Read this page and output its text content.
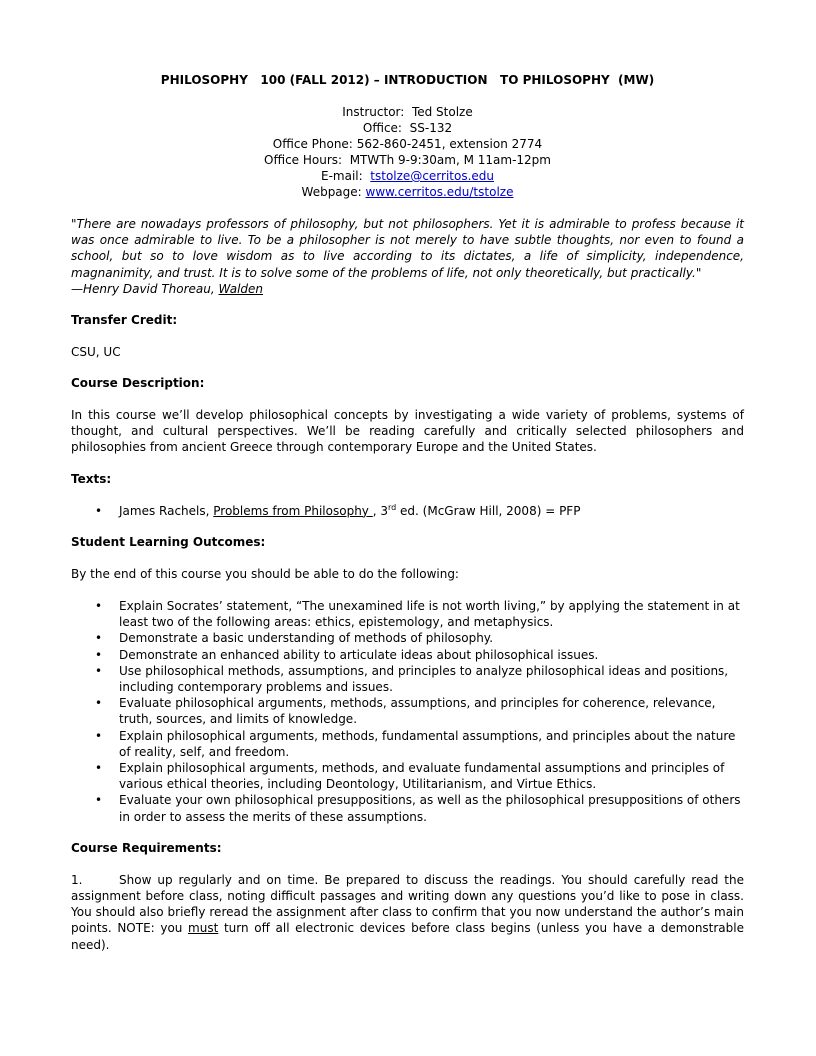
PHILOSOPHY   100 (FALL 2012) – INTRODUCTION   TO PHILOSOPHY  (MW)
Instructor: Ted Stolze
Office: SS-132
Office Phone: 562-860-2451, extension 2774
Office Hours: MTWTh 9-9:30am, M 11am-12pm
E-mail: tstolze@cerritos.edu
Webpage: www.cerritos.edu/tstolze
"There are nowadays professors of philosophy, but not philosophers. Yet it is admirable to profess because it was once admirable to live. To be a philosopher is not merely to have subtle thoughts, nor even to found a school, but so to love wisdom as to live according to its dictates, a life of simplicity, independence, magnanimity, and trust. It is to solve some of the problems of life, not only theoretically, but practically."
—Henry David Thoreau, Walden
Transfer Credit:

CSU, UC

Course Description:

In this course we’ll develop philosophical concepts by investigating a wide variety of problems, systems of thought, and cultural perspectives. We’ll be reading carefully and critically selected philosophers and philosophies from ancient Greece through contemporary Europe and the United States.

Texts:
• James Rachels, Problems from Philosophy , 3rd ed. (McGraw Hill, 2008) = PFP
Student Learning Outcomes:

By the end of this course you should be able to do the following:

• Explain Socrates’ statement, “The unexamined life is not worth living,” by applying the statement in at least two of the following areas: ethics, epistemology, and metaphysics.
• Demonstrate a basic understanding of methods of philosophy.
• Demonstrate an enhanced ability to articulate ideas about philosophical issues.
• Use philosophical methods, assumptions, and principles to analyze philosophical ideas and positions, including contemporary problems and issues.
• Evaluate philosophical arguments, methods, assumptions, and principles for coherence, relevance, truth, sources, and limits of knowledge.
• Explain philosophical arguments, methods, fundamental assumptions, and principles about the nature of reality, self, and freedom.
• Explain philosophical arguments, methods, and evaluate fundamental assumptions and principles of various ethical theories, including Deontology, Utilitarianism, and Virtue Ethics.
• Evaluate your own philosophical presuppositions, as well as the philosophical presuppositions of others in order to assess the merits of these assumptions.
Course Requirements:
1.	Show up regularly and on time. Be prepared to discuss the readings. You should carefully read the assignment before class, noting difficult passages and writing down any questions you’d like to pose in class. You should also briefly reread the assignment after class to confirm that you now understand the author’s main points. NOTE: you must turn off all electronic devices before class begins (unless you have a demonstrable need).
